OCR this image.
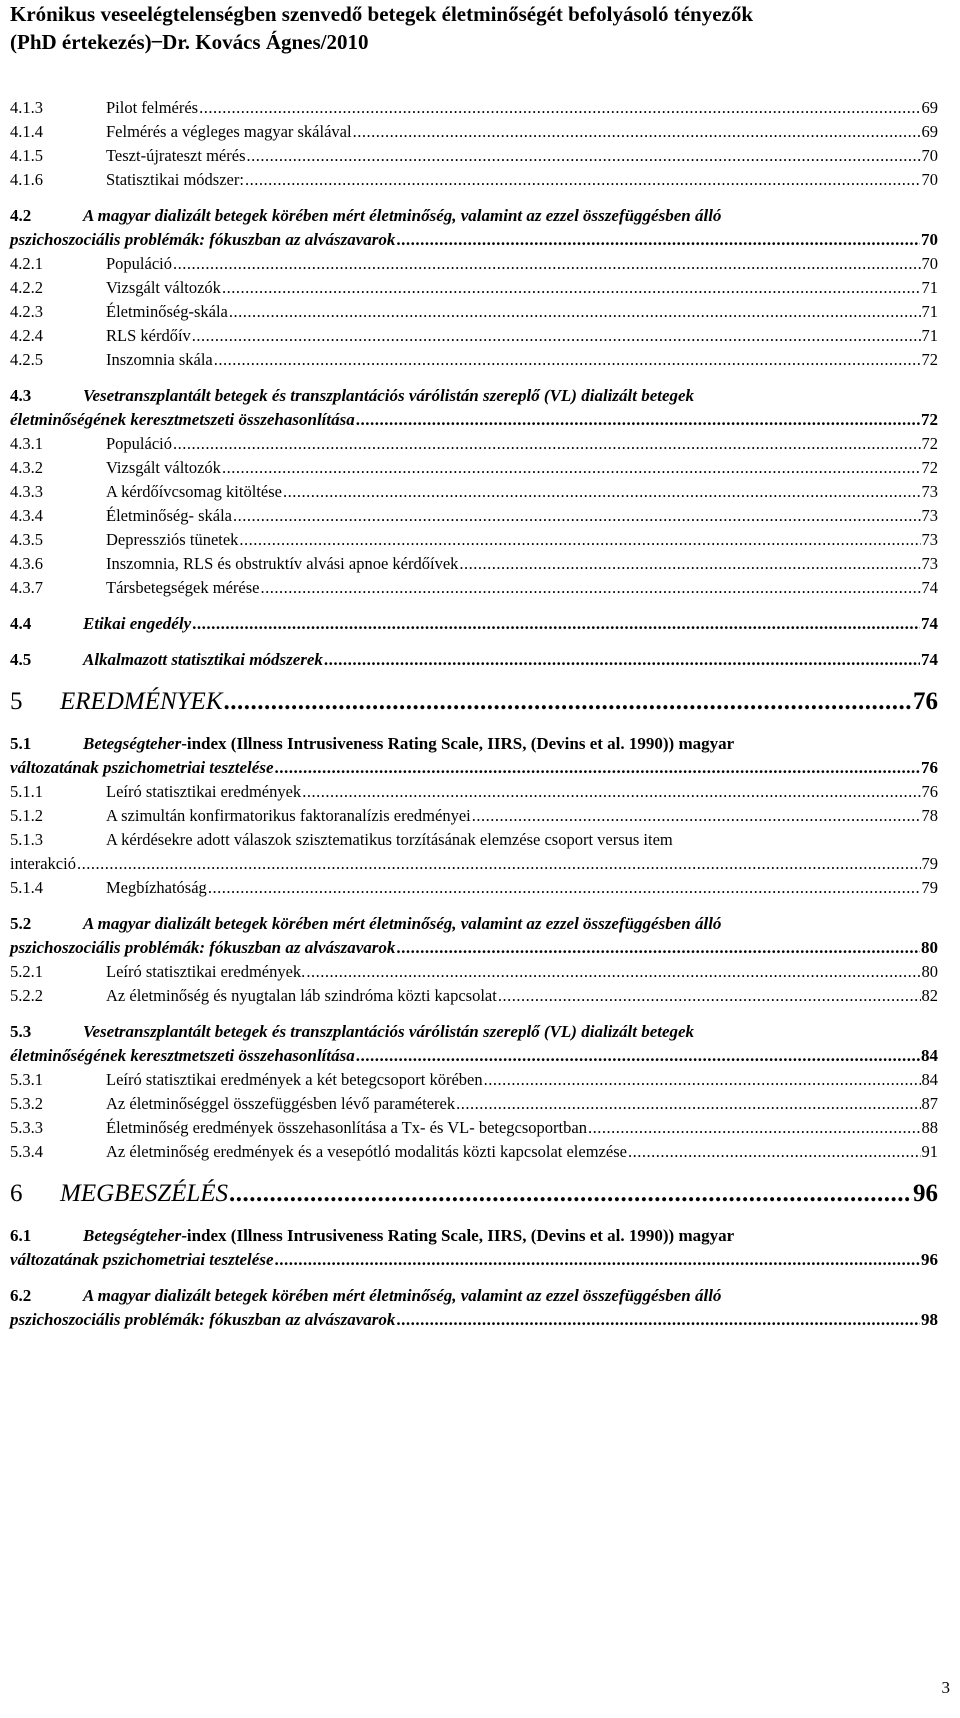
Krónikus veseelégtelenségben szenvedő betegek életminőségét befolyásoló tényezők

(PhD értekezés) ̶ Dr. Kovács Ágnes/2010
4.1.3	Pilot felmérés .....	69
4.1.4	Felmérés a végleges magyar skálával .....	69
4.1.5	Teszt-újrateszt mérés .....	70
4.1.6	Statisztikai módszer: .....	70
4.2	A magyar dializált betegek körében mért életminőség, valamint az ezzel összefüggésben álló
pszichoszociális problémák: fókuszban az alvászavarok .....	70
4.2.1	Populáció .....	70
4.2.2	Vizsgált változók .....	71
4.2.3	Életminőség-skála .....	71
4.2.4	RLS kérdőív .....	71
4.2.5	Inszomnia skála .....	72
4.3	Vesetranszplantált betegek és transzplantációs várólistán szereplő (VL) dializált betegek
életminőségének keresztmetszeti összehasonlítása .....	72
4.3.1	Populáció .....	72
4.3.2	Vizsgált változók .....	72
4.3.3	A kérdőívcsomag kitöltése .....	73
4.3.4	Életminőség- skála .....	73
4.3.5	Depressziós tünetek .....	73
4.3.6	Inszomnia, RLS és obstruktív alvási apnoe kérdőívek .....	73
4.3.7	Társbetegségek mérése .....	74
4.4	Etikai engedély .....	74
4.5	Alkalmazott statisztikai módszerek .....	74
5	EREDMÉNYEK .....	76
5.1	Betegségteher-index (Illness Intrusiveness Rating Scale, IIRS, (Devins et al. 1990)) magyar
változatának pszichometriai tesztelése .....	76
5.1.1	Leíró statisztikai eredmények .....	76
5.1.2	A szimultán konfirmatorikus faktoranalízis eredményei .....	78
5.1.3	A kérdésekre adott válaszok szisztematikus torzításának elemzése csoport versus item
interakció .....	79
5.1.4	Megbízhatóság .....	79
5.2	A magyar dializált betegek körében mért életminőség, valamint az ezzel összefüggésben álló
pszichoszociális problémák: fókuszban az alvászavarok .....	80
5.2.1	Leíró statisztikai eredmények. .....	80
5.2.2	Az életminőség és nyugtalan láb szindróma közti kapcsolat .....	82
5.3	Vesetranszplantált betegek és transzplantációs várólistán szereplő (VL) dializált betegek
életminőségének keresztmetszeti összehasonlítása .....	84
5.3.1	Leíró statisztikai eredmények a két betegcsoport körében .....	84
5.3.2	Az életminőséggel összefüggésben lévő paraméterek .....	87
5.3.3	Életminőség eredmények összehasonlítása a Tx- és VL- betegcsoportban .....	88
5.3.4	Az életminőség eredmények és a vesepótló modalitás közti kapcsolat elemzése .....	91
6	MEGBESZÉLÉS .....	96
6.1	Betegségteher-index (Illness Intrusiveness Rating Scale, IIRS, (Devins et al. 1990)) magyar
változatának pszichometriai tesztelése .....	96
6.2	A magyar dializált betegek körében mért életminőség, valamint az ezzel összefüggésben álló
pszichoszociális problémák: fókuszban az alvászavarok .....	98
3
